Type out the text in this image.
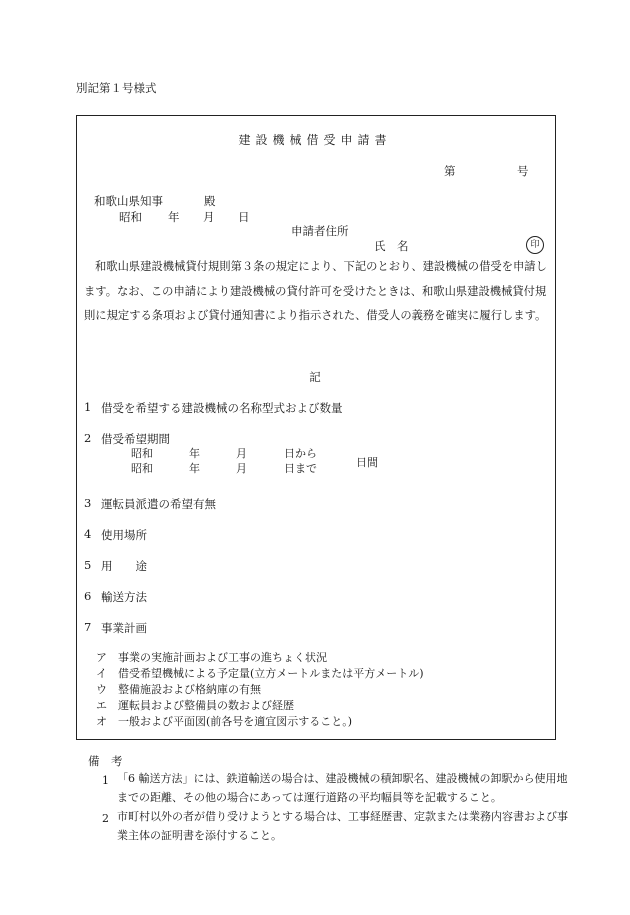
別記第１号様式
建設機械借受申請書
第	号
和歌山県知事	殿
昭和 年 月 日
申請者住所
氏　名	印
和歌山県建設機械貸付規則第３条の規定により、下記のとおり、建設機械の借受を申請します。なお、この申請により建設機械の貸付許可を受けたときは、和歌山県建設機械貸付規則に規定する条項および貸付通知書により指示された、借受人の義務を確実に履行します。
記
1 借受を希望する建設機械の名称型式および数量
2 借受希望期間
昭和	年	月	日から
昭和	年	月	日まで	日間
3 運転員派遣の希望有無
4 使用場所
5 用　　途
6 輸送方法
7 事業計画
ア 事業の実施計画および工事の進ちょく状況
イ 借受希望機械による予定量(立方メートルまたは平方メートル)
ウ 整備施設および格納庫の有無
エ 運転員および整備員の数および経歴
オ 一般および平面図(前各号を適宜図示すること。)
備　考
1 「6 輸送方法」には、鉄道輸送の場合は、建設機械の積卸駅名、建設機械の卸駅から使用地までの距離、その他の場合にあっては運行道路の平均幅員等を記載すること。
2 市町村以外の者が借り受けようとする場合は、工事経歴書、定款または業務内容書および事業主体の証明書を添付すること。
